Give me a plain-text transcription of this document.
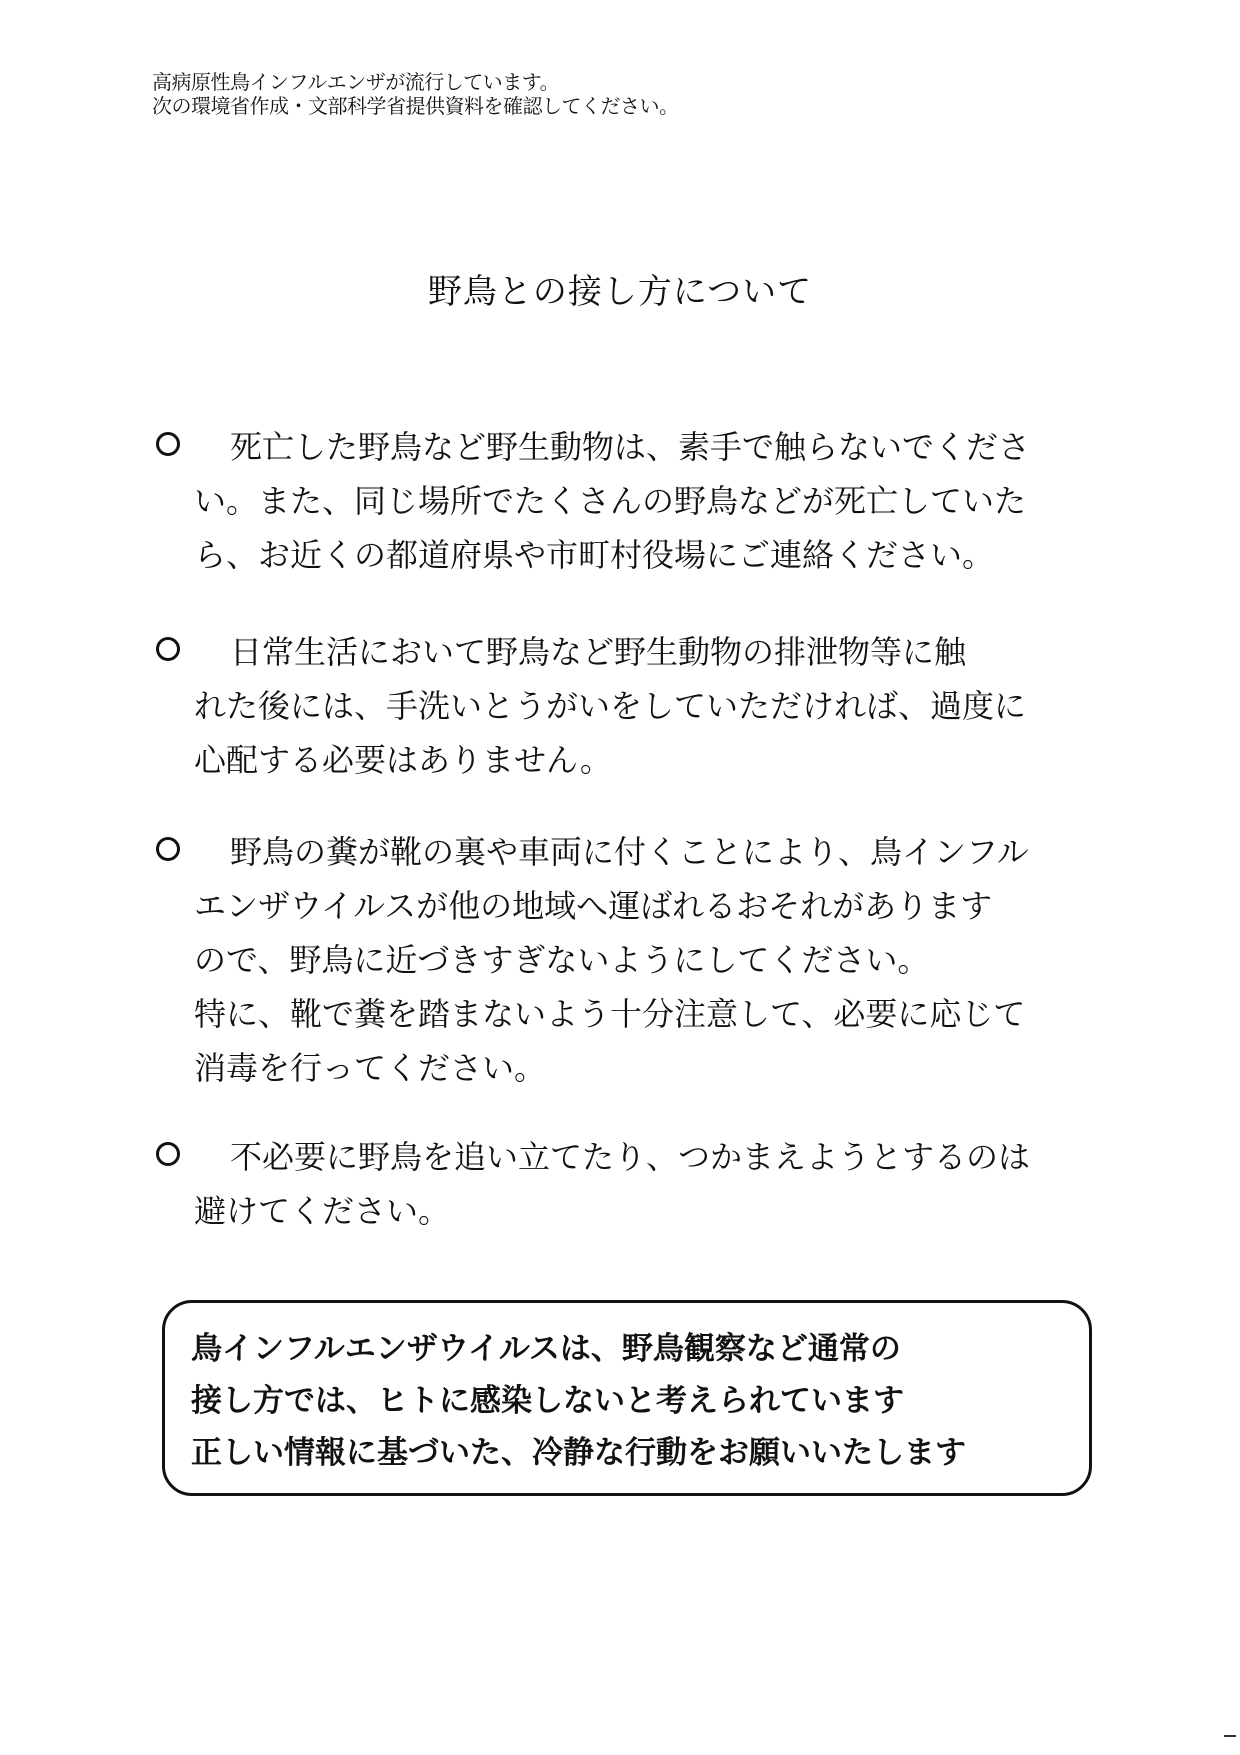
高病原性鳥インフルエンザが流行しています。
次の環境省作成・文部科学省提供資料を確認してください。
野鳥との接し方について
死亡した野鳥など野生動物は、素手で触らないでくださ
い。また、同じ場所でたくさんの野鳥などが死亡していた
ら、お近くの都道府県や市町村役場にご連絡ください。
日常生活において野鳥など野生動物の排泄物等に触
れた後には、手洗いとうがいをしていただければ、過度に
心配する必要はありません。
野鳥の糞が靴の裏や車両に付くことにより、鳥インフル
エンザウイルスが他の地域へ運ばれるおそれがあります
ので、野鳥に近づきすぎないようにしてください。
特に、靴で糞を踏まないよう十分注意して、必要に応じて
消毒を行ってください。
不必要に野鳥を追い立てたり、つかまえようとするのは
避けてください。
鳥インフルエンザウイルスは、野鳥観察など通常の
接し方では、ヒトに感染しないと考えられています
正しい情報に基づいた、冷静な行動をお願いいたします
